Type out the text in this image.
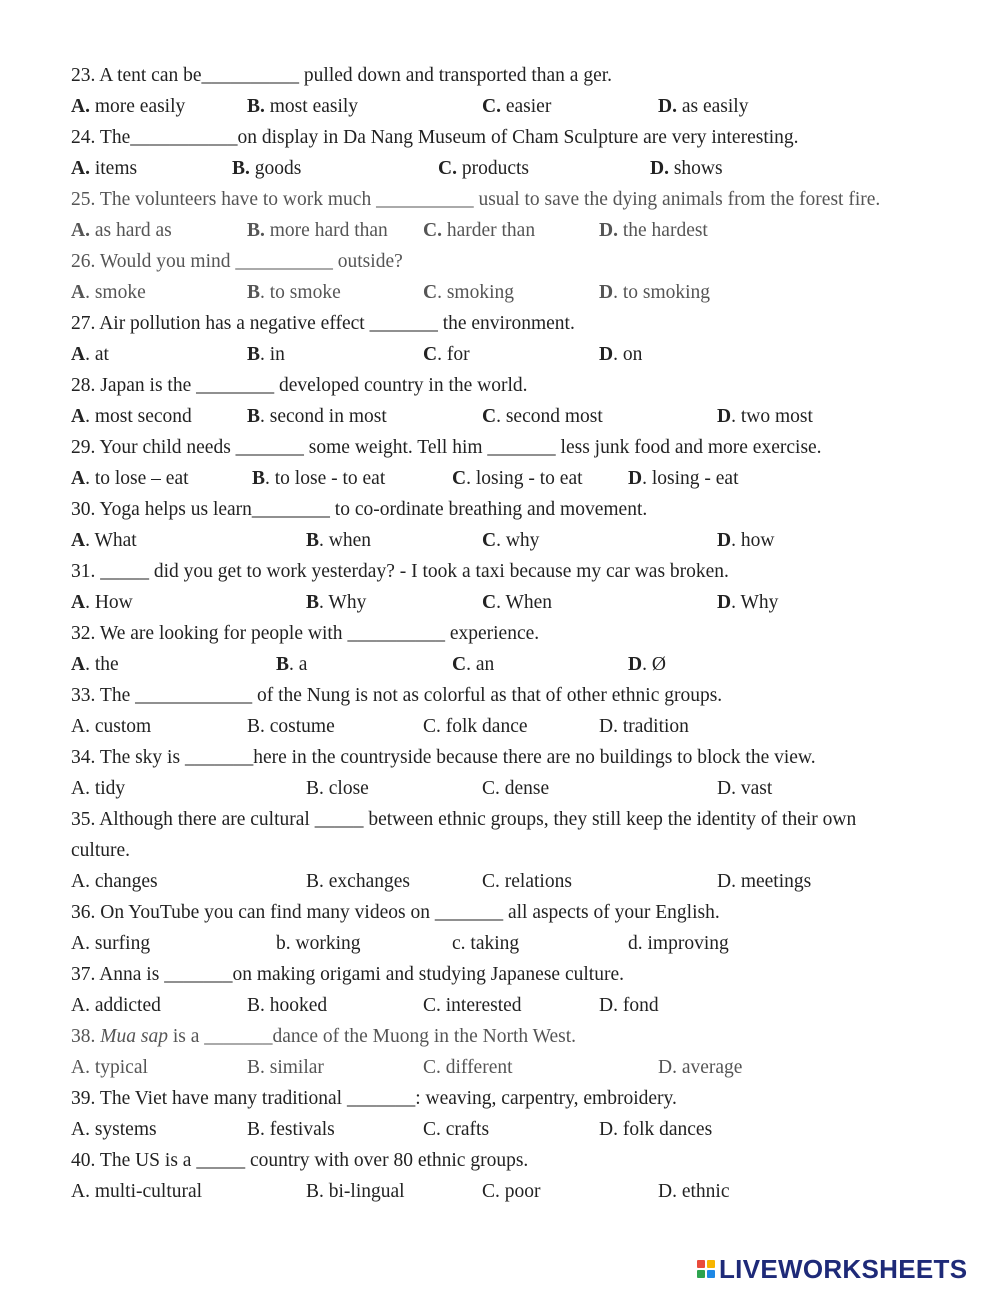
23. A tent can be__________ pulled down and transported than a ger.
A. more easily	B. most easily	C. easier	D. as easily
24. The___________on display in Da Nang Museum of Cham Sculpture are very interesting.
A. items	B. goods	C. products	D. shows
25. The volunteers have to work much __________ usual to save the dying animals from the forest fire.
A. as hard as	B. more hard than C. harder than	D. the hardest
26. Would you mind __________ outside?
A. smoke	B. to smoke	C. smoking	D. to smoking
27. Air pollution has a negative effect _______ the environment.
A. at	B. in	C. for	D. on
28. Japan is the ________ developed country in the world.
A. most second	B. second in most	C. second most	D. two most
29. Your child needs _______ some weight. Tell him _______ less junk food and more exercise.
A. to lose – eat	B. to lose - to eat	C. losing - to eat D. losing - eat
30. Yoga helps us learn________ to co-ordinate breathing and movement.
A. What	B. when	C. why	D. how
31. _____ did you get to work yesterday? - I took a taxi because my car was broken.
A. How	B. Why	C. When	D. Why
32. We are looking for people with __________ experience.
A. the	B. a	C. an	D. Ø
33. The ____________ of the Nung is not as colorful as that of other ethnic groups.
A. custom	B. costume	C. folk dance	D. tradition
34. The sky is _______here in the countryside because there are no buildings to block the view.
A. tidy	B. close	C. dense	D. vast
35. Although there are cultural _____ between ethnic groups, they still keep the identity of their own
culture.
A. changes	B. exchanges	C. relations	D. meetings
36. On YouTube you can find many videos on _______ all aspects of your English.
A. surfing	b. working	c. taking	d. improving
37. Anna is _______on making origami and studying Japanese culture.
A. addicted	B. hooked	C. interested	D. fond
38. Mua sap is a _______dance of the Muong in the North West.
A. typical	B. similar	C. different	D. average
39. The Viet have many traditional _______: weaving, carpentry, embroidery.
A. systems	B. festivals	C. crafts	D. folk dances
40. The US is a _____ country with over 80 ethnic groups.
A. multi-cultural	B. bi-lingual	C. poor	D. ethnic
LIVEWORKSHEETS
